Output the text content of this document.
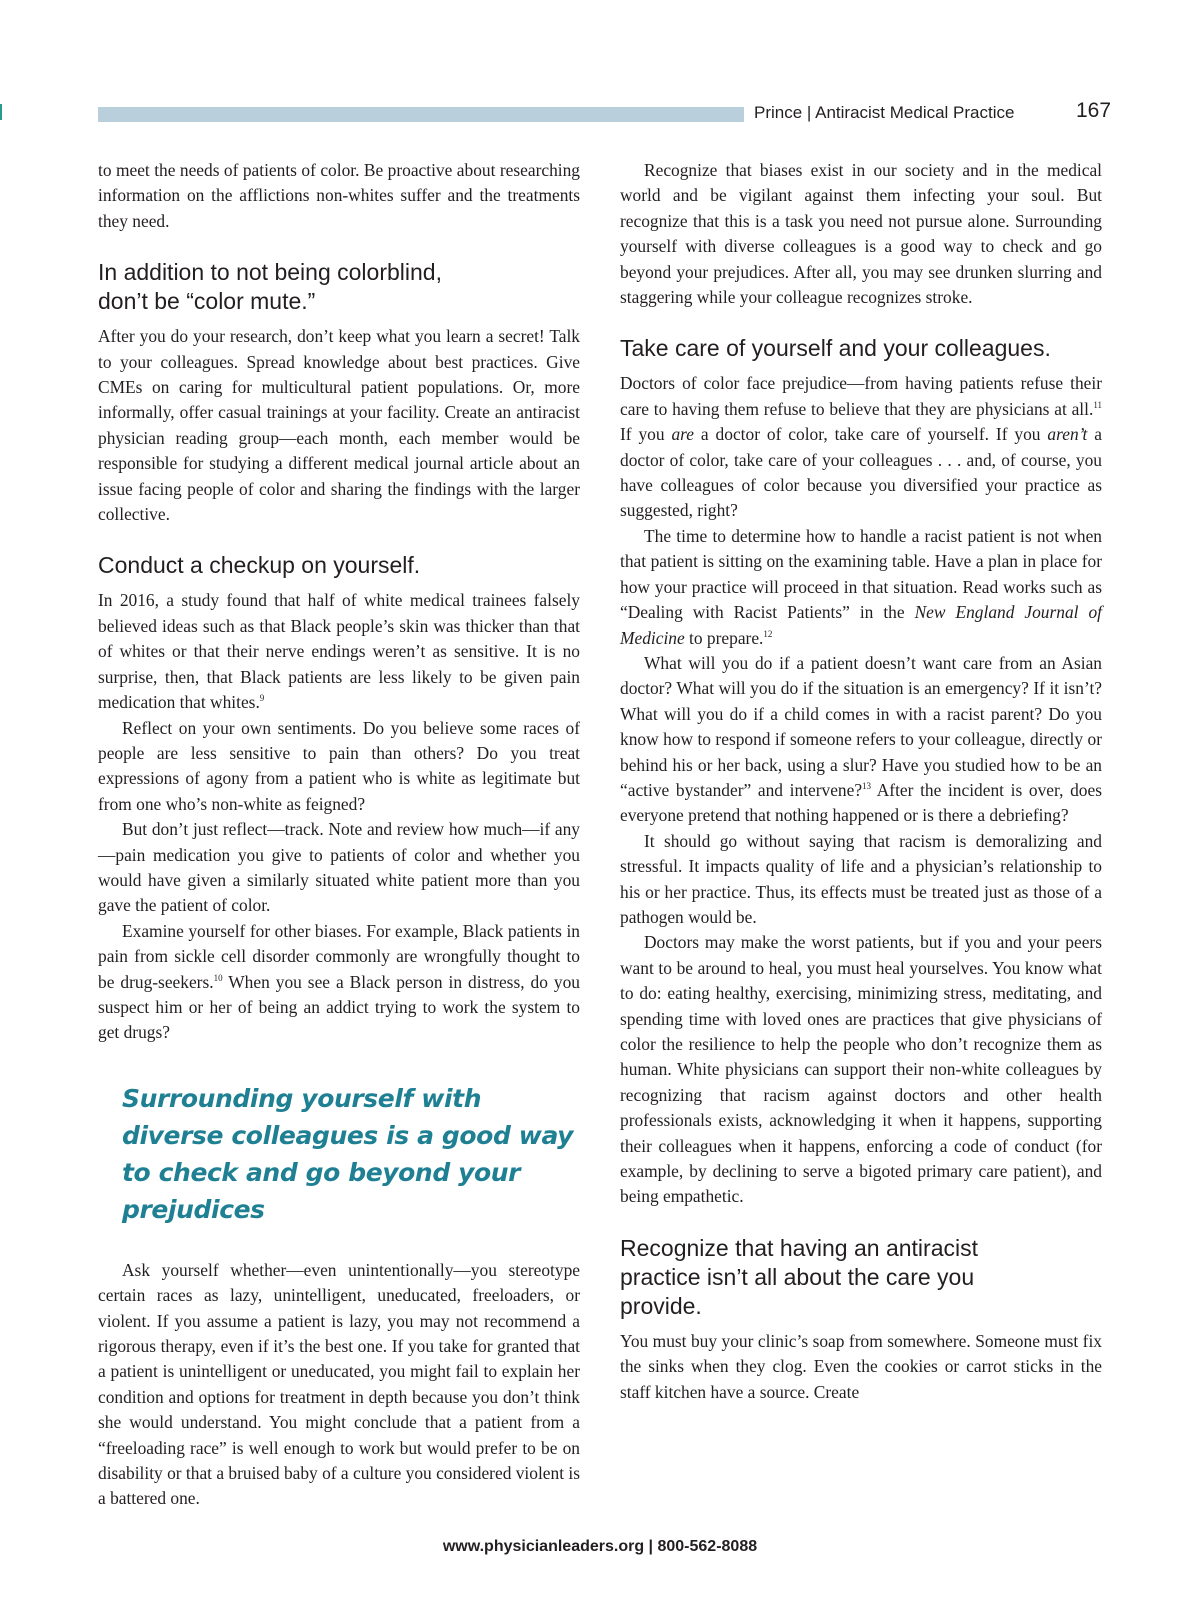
Prince | Antiracist Medical Practice	167

to meet the needs of patients of color. Be proactive about researching information on the afflictions non-whites suffer and the treatments they need.

In addition to not being colorblind, don’t be “color mute.”

After you do your research, don’t keep what you learn a secret! Talk to your colleagues. Spread knowledge about best practices. Give CMEs on caring for multicultural patient populations. Or, more informally, offer casual trainings at your facility. Create an antiracist physician reading group—each month, each member would be responsible for studying a different medical journal article about an issue facing people of color and sharing the findings with the larger collective.

Conduct a checkup on yourself.

In 2016, a study found that half of white medical trainees falsely believed ideas such as that Black people’s skin was thicker than that of whites or that their nerve endings weren’t as sensitive. It is no surprise, then, that Black patients are less likely to be given pain medication that whites.$^9$

Reflect on your own sentiments. Do you believe some races of people are less sensitive to pain than others? Do you treat expressions of agony from a patient who is white as legitimate but from one who’s non-white as feigned?

But don’t just reflect—track. Note and review how much—if any—pain medication you give to patients of color and whether you would have given a similarly situated white patient more than you gave the patient of color.

Examine yourself for other biases. For example, Black patients in pain from sickle cell disorder commonly are wrongfully thought to be drug-seekers.$^{10}$ When you see a Black person in distress, do you suspect him or her of being an addict trying to work the system to get drugs?

Surrounding yourself with diverse colleagues is a good way to check and go beyond your prejudices

Ask yourself whether—even unintentionally—you stereotype certain races as lazy, unintelligent, uneducated, freeloaders, or violent. If you assume a patient is lazy, you may not recommend a rigorous therapy, even if it’s the best one. If you take for granted that a patient is unintelligent or uneducated, you might fail to explain her condition and options for treatment in depth because you don’t think she would understand. You might conclude that a patient from a “freeloading race” is well enough to work but would prefer to be on disability or that a bruised baby of a culture you considered violent is a battered one.

Recognize that biases exist in our society and in the medical world and be vigilant against them infecting your soul. But recognize that this is a task you need not pursue alone. Surrounding yourself with diverse colleagues is a good way to check and go beyond your prejudices. After all, you may see drunken slurring and staggering while your colleague recognizes stroke.

Take care of yourself and your colleagues.

Doctors of color face prejudice—from having patients refuse their care to having them refuse to believe that they are physicians at all.$^{11}$ If you are a doctor of color, take care of yourself. If you aren’t a doctor of color, take care of your colleagues . . . and, of course, you have colleagues of color because you diversified your practice as suggested, right?

The time to determine how to handle a racist patient is not when that patient is sitting on the examining table. Have a plan in place for how your practice will proceed in that situation. Read works such as “Dealing with Racist Patients” in the New England Journal of Medicine to prepare.$^{12}$

What will you do if a patient doesn’t want care from an Asian doctor? What will you do if the situation is an emergency? If it isn’t? What will you do if a child comes in with a racist parent? Do you know how to respond if someone refers to your colleague, directly or behind his or her back, using a slur? Have you studied how to be an “active bystander” and intervene?$^{13}$ After the incident is over, does everyone pretend that nothing happened or is there a debriefing?

It should go without saying that racism is demoralizing and stressful. It impacts quality of life and a physician’s relationship to his or her practice. Thus, its effects must be treated just as those of a pathogen would be.

Doctors may make the worst patients, but if you and your peers want to be around to heal, you must heal yourselves. You know what to do: eating healthy, exercising, minimizing stress, meditating, and spending time with loved ones are practices that give physicians of color the resilience to help the people who don’t recognize them as human. White physicians can support their non-white colleagues by recognizing that racism against doctors and other health professionals exists, acknowledging it when it happens, supporting their colleagues when it happens, enforcing a code of conduct (for example, by declining to serve a bigoted primary care patient), and being empathetic.

Recognize that having an antiracist practice isn’t all about the care you provide.

You must buy your clinic’s soap from somewhere. Someone must fix the sinks when they clog. Even the cookies or carrot sticks in the staff kitchen have a source. Create

www.physicianleaders.org | 800-562-8088
